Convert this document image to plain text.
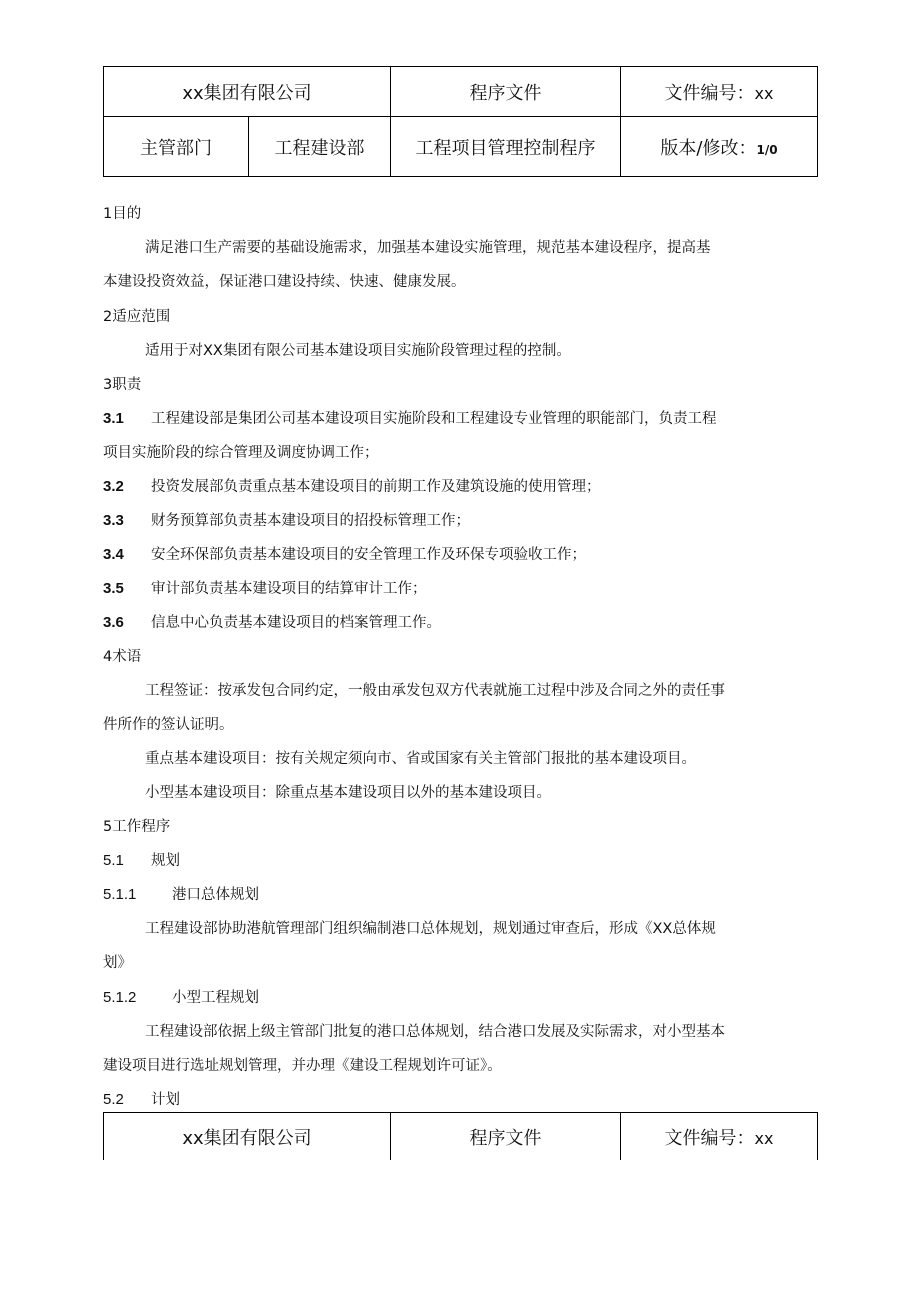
xx集团有限公司		程序文件	文件编号：xx
主管部门	工程建设部	工程项目管理控制程序	版本/修改：1/0

1目的

满足港口生产需要的基础设施需求，加强基本建设实施管理，规范基本建设程序，提高基

本建设投资效益，保证港口建设持续、快速、健康发展。

2适应范围

适用于对XX集团有限公司基本建设项目实施阶段管理过程的控制。

3职责

3.1 工程建设部是集团公司基本建设项目实施阶段和工程建设专业管理的职能部门，负责工程

项目实施阶段的综合管理及调度协调工作；

3.2 投资发展部负责重点基本建设项目的前期工作及建筑设施的使用管理；

3.3 财务预算部负责基本建设项目的招投标管理工作；

3.4 安全环保部负责基本建设项目的安全管理工作及环保专项验收工作；

3.5 审计部负责基本建设项目的结算审计工作；

3.6 信息中心负责基本建设项目的档案管理工作。

4术语

工程签证：按承发包合同约定，一般由承发包双方代表就施工过程中涉及合同之外的责任事

件所作的签认证明。

重点基本建设项目：按有关规定须向市、省或国家有关主管部门报批的基本建设项目。

小型基本建设项目：除重点基本建设项目以外的基本建设项目。

5工作程序

5.1 规划

5.1.1 港口总体规划

工程建设部协助港航管理部门组织编制港口总体规划，规划通过审查后，形成《XX总体规

划》

5.1.2 小型工程规划

工程建设部依据上级主管部门批复的港口总体规划，结合港口发展及实际需求，对小型基本

建设项目进行选址规划管理，并办理《建设工程规划许可证》。

5.2 计划

xx集团有限公司	程序文件	文件编号：xx
